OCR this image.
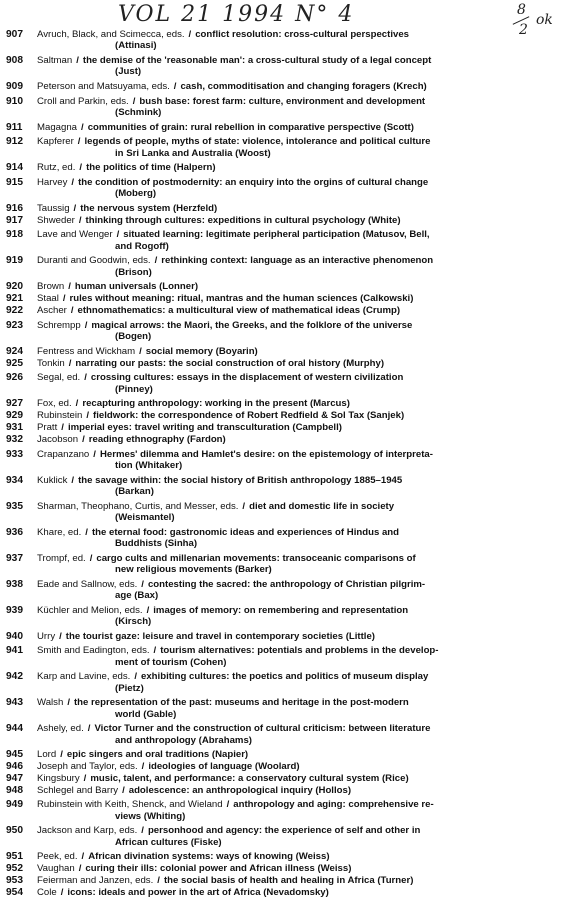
VOL 21 1994 N° 4	8
2
ok
907	Avruch, Black, and Scimecca, eds. / conflict resolution: cross-cultural perspectives
(Attinasi)
908	Saltman / the demise of the 'reasonable man': a cross-cultural study of a legal concept
(Just)
909	Peterson and Matsuyama, eds. / cash, commoditisation and changing foragers (Krech)
910	Croll and Parkin, eds. / bush base: forest farm: culture, environment and development
(Schmink)
911	Magagna / communities of grain: rural rebellion in comparative perspective (Scott)
912	Kapferer / legends of people, myths of state: violence, intolerance and political culture
in Sri Lanka and Australia (Woost)
914	Rutz, ed. / the politics of time (Halpern)
915	Harvey / the condition of postmodernity: an enquiry into the orgins of cultural change
(Moberg)
916	Taussig / the nervous system (Herzfeld)
917	Shweder / thinking through cultures: expeditions in cultural psychology (White)
918	Lave and Wenger / situated learning: legitimate peripheral participation (Matusov, Bell,
and Rogoff)
919	Duranti and Goodwin, eds. / rethinking context: language as an interactive phenomenon
(Brison)
920	Brown / human universals (Lonner)
921	Staal / rules without meaning: ritual, mantras and the human sciences (Calkowski)
922	Ascher / ethnomathematics: a multicultural view of mathematical ideas (Crump)
923	Schrempp / magical arrows: the Maori, the Greeks, and the folklore of the universe
(Bogen)
924	Fentress and Wickham / social memory (Boyarin)
925	Tonkin / narrating our pasts: the social construction of oral history (Murphy)
926	Segal, ed. / crossing cultures: essays in the displacement of western civilization
(Pinney)
927	Fox, ed. / recapturing anthropology: working in the present (Marcus)
929	Rubinstein / fieldwork: the correspondence of Robert Redfield & Sol Tax (Sanjek)
931	Pratt / imperial eyes: travel writing and transculturation (Campbell)
932	Jacobson / reading ethnography (Fardon)
933	Crapanzano / Hermes' dilemma and Hamlet's desire: on the epistemology of interpreta-
tion (Whitaker)
934	Kuklick / the savage within: the social history of British anthropology 1885–1945
(Barkan)
935	Sharman, Theophano, Curtis, and Messer, eds. / diet and domestic life in society
(Weismantel)
936	Khare, ed. / the eternal food: gastronomic ideas and experiences of Hindus and
Buddhists (Sinha)
937	Trompf, ed. / cargo cults and millenarian movements: transoceanic comparisons of
new religious movements (Barker)
938	Eade and Sallnow, eds. / contesting the sacred: the anthropology of Christian pilgrim-
age (Bax)
939	Küchler and Melion, eds. / images of memory: on remembering and representation
(Kirsch)
940	Urry / the tourist gaze: leisure and travel in contemporary societies (Little)
941	Smith and Eadington, eds. / tourism alternatives: potentials and problems in the develop-
ment of tourism (Cohen)
942	Karp and Lavine, eds. / exhibiting cultures: the poetics and politics of museum display
(Pietz)
943	Walsh / the representation of the past: museums and heritage in the post-modern
world (Gable)
944	Ashely, ed. / Victor Turner and the construction of cultural criticism: between literature
and anthropology (Abrahams)
945	Lord / epic singers and oral traditions (Napier)
946	Joseph and Taylor, eds. / ideologies of language (Woolard)
947	Kingsbury / music, talent, and performance: a conservatory cultural system (Rice)
948	Schlegel and Barry / adolescence: an anthropological inquiry (Hollos)
949	Rubinstein with Keith, Shenck, and Wieland / anthropology and aging: comprehensive re-
views (Whiting)
950	Jackson and Karp, eds. / personhood and agency: the experience of self and other in
African cultures (Fiske)
951	Peek, ed. / African divination systems: ways of knowing (Weiss)
952	Vaughan / curing their ills: colonial power and African illness (Weiss)
953	Feierman and Janzen, eds. / the social basis of health and healing in Africa (Turner)
954	Cole / icons: ideals and power in the art of Africa (Nevadomsky)
